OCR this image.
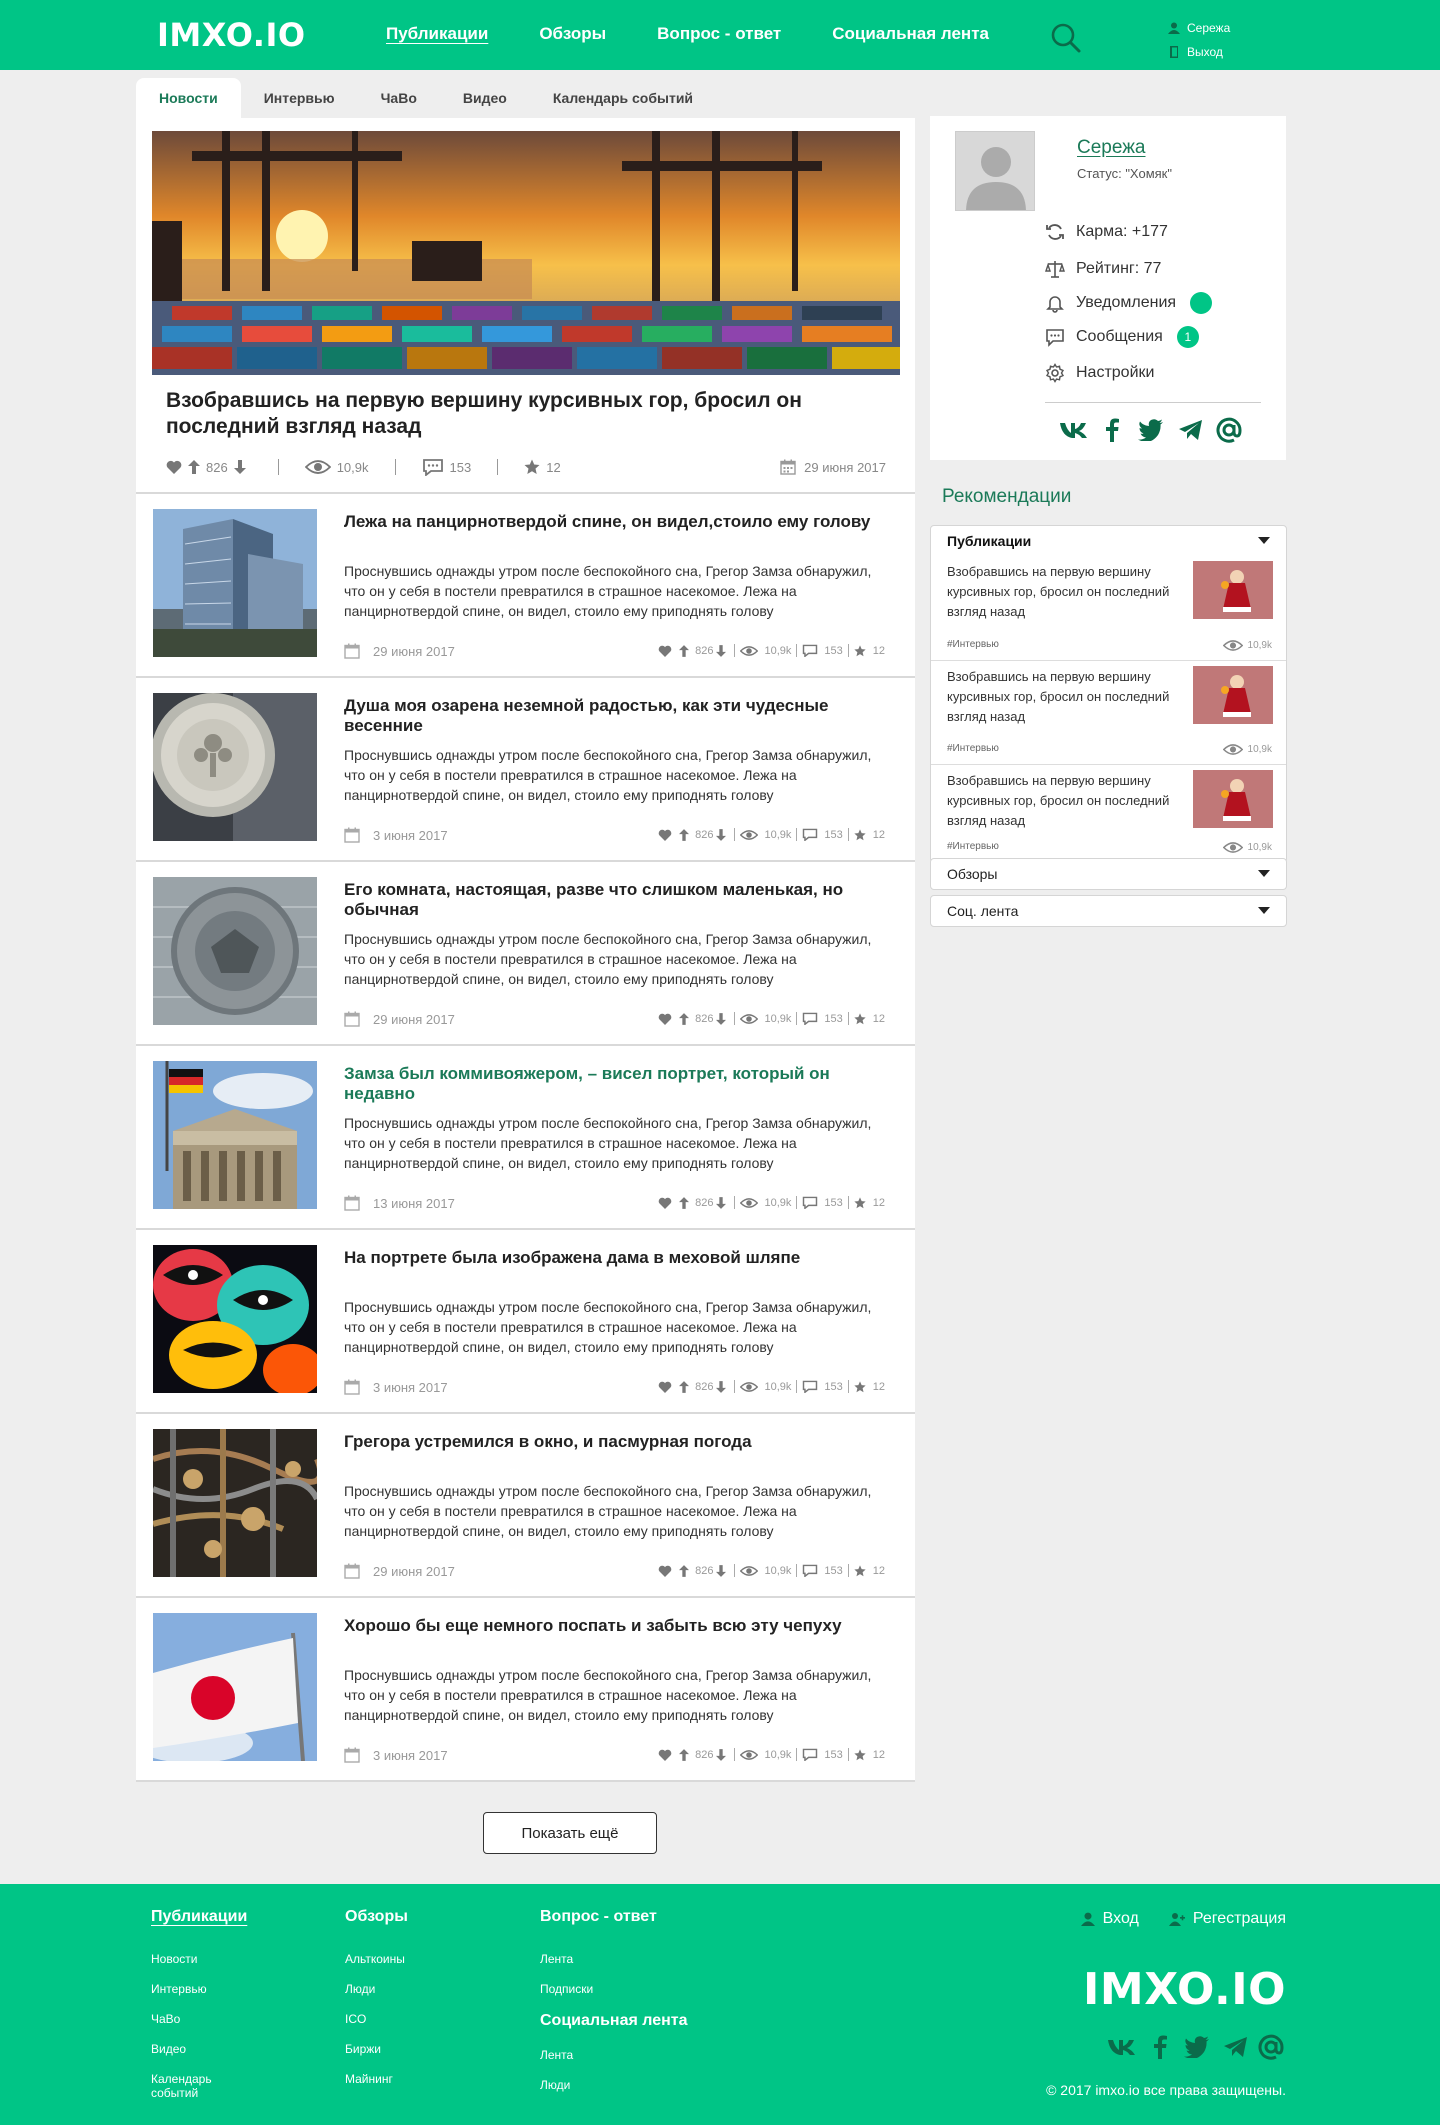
IMXO.IO	Публикации	Обзоры	Вопрос - ответ	Социальная лента	Сережа
Выход
Новости	Интервью	ЧаВо	Видео	Календарь событий
Взобравшись на первую вершину курсивных гор, бросил он последний взгляд назад
826	10,9k	153	12	29 июня 2017
Лежа на панцирнотвердой спине, он видел,стоило ему голову
Проснувшись однажды утром после беспокойного сна, Грегор Замза обнаружил, что он у себя в постели превратился в страшное насекомое. Лежа на панцирнотвердой спине, он видел, стоило ему приподнять голову
29 июня 2017	826	10,9k	153	12
Душа моя озарена неземной радостью, как эти чудесные весенние
Проснувшись однажды утром после беспокойного сна, Грегор Замза обнаружил, что он у себя в постели превратился в страшное насекомое. Лежа на панцирнотвердой спине, он видел, стоило ему приподнять голову
3 июня 2017	826	10,9k	153	12
Его комната, настоящая, разве что слишком маленькая, но обычная
Проснувшись однажды утром после беспокойного сна, Грегор Замза обнаружил, что он у себя в постели превратился в страшное насекомое. Лежа на панцирнотвердой спине, он видел, стоило ему приподнять голову
29 июня 2017	826	10,9k	153	12
Замза был коммивояжером, – висел портрет, который он недавно
Проснувшись однажды утром после беспокойного сна, Грегор Замза обнаружил, что он у себя в постели превратился в страшное насекомое. Лежа на панцирнотвердой спине, он видел, стоило ему приподнять голову
13 июня 2017	826	10,9k	153	12
На портрете была изображена дама в меховой шляпе
Проснувшись однажды утром после беспокойного сна, Грегор Замза обнаружил, что он у себя в постели превратился в страшное насекомое. Лежа на панцирнотвердой спине, он видел, стоило ему приподнять голову
3 июня 2017	826	10,9k	153	12
Грегора устремился в окно, и пасмурная погода
Проснувшись однажды утром после беспокойного сна, Грегор Замза обнаружил, что он у себя в постели превратился в страшное насекомое. Лежа на панцирнотвердой спине, он видел, стоило ему приподнять голову
29 июня 2017	826	10,9k	153	12
Хорошо бы еще немного поспать и забыть всю эту чепуху
Проснувшись однажды утром после беспокойного сна, Грегор Замза обнаружил, что он у себя в постели превратился в страшное насекомое. Лежа на панцирнотвердой спине, он видел, стоило ему приподнять голову
3 июня 2017	826	10,9k	153	12
Показать ещё
Сережа
Статус: "Хомяк"
Карма: +177
Рейтинг: 77
Уведомления
Сообщения	1
Настройки
Рекомендации
Публикации
Взобравшись на первую вершину курсивных гор, бросил он последний взгляд назад
#Интервью	10,9k
Взобравшись на первую вершину курсивных гор, бросил он последний взгляд назад
#Интервью	10,9k
Взобравшись на первую вершину курсивных гор, бросил он последний взгляд назад
#Интервью	10,9k
Обзоры
Соц. лента
Публикации
Новости
Интервью
ЧаВо
Видео
Календарь событий
Обзоры
Альткоины
Люди
ICO
Биржи
Майнинг
Вопрос - ответ
Лента
Подписки
Социальная лента
Лента
Люди
Вход	Регестрация
IMXO.IO
© 2017 imxo.io все права защищены.
